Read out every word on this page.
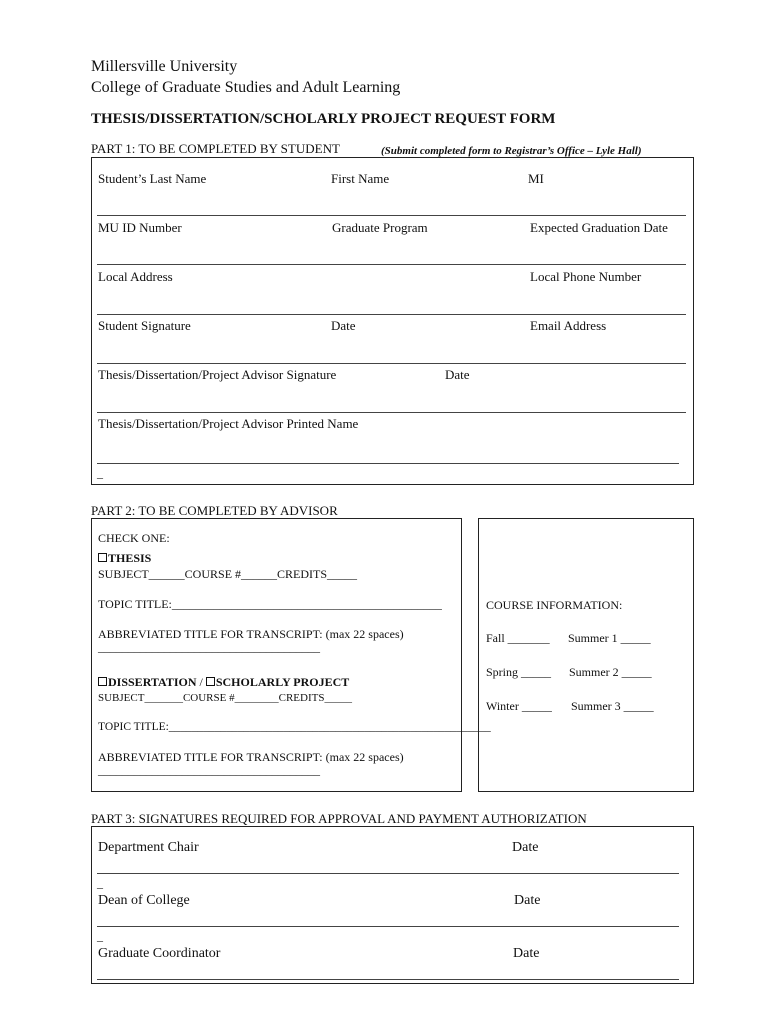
Millersville University
College of Graduate Studies and Adult Learning
THESIS/DISSERTATION/SCHOLARLY PROJECT REQUEST FORM
PART 1: TO BE COMPLETED BY STUDENT	(Submit completed form to Registrar’s Office – Lyle Hall)
Student’s Last Name	First Name	MI
MU ID Number	Graduate Program	Expected Graduation Date
Local Address	Local Phone Number
Student Signature	Date	Email Address
Thesis/Dissertation/Project Advisor Signature	Date
Thesis/Dissertation/Project Advisor Printed Name
_
PART 2: TO BE COMPLETED BY ADVISOR
CHECK ONE:
THESIS
SUBJECT______COURSE #______CREDITS_____
TOPIC TITLE:_____________________________________________
ABBREVIATED TITLE FOR TRANSCRIPT: (max 22 spaces)
_____________________________________
DISSERTATION / SCHOLARLY PROJECT
SUBJECT_______COURSE #________CREDITS_____
TOPIC TITLE:________________________________________________________
ABBREVIATED TITLE FOR TRANSCRIPT: (max 22 spaces)
_____________________________________
COURSE INFORMATION:
Fall _______ Summer 1 _____
Spring _____ Summer 2 _____
Winter _____ Summer 3 _____
PART 3: SIGNATURES REQUIRED FOR APPROVAL AND PAYMENT AUTHORIZATION
Department Chair	Date
_
Dean of College	Date
_
Graduate Coordinator	Date
